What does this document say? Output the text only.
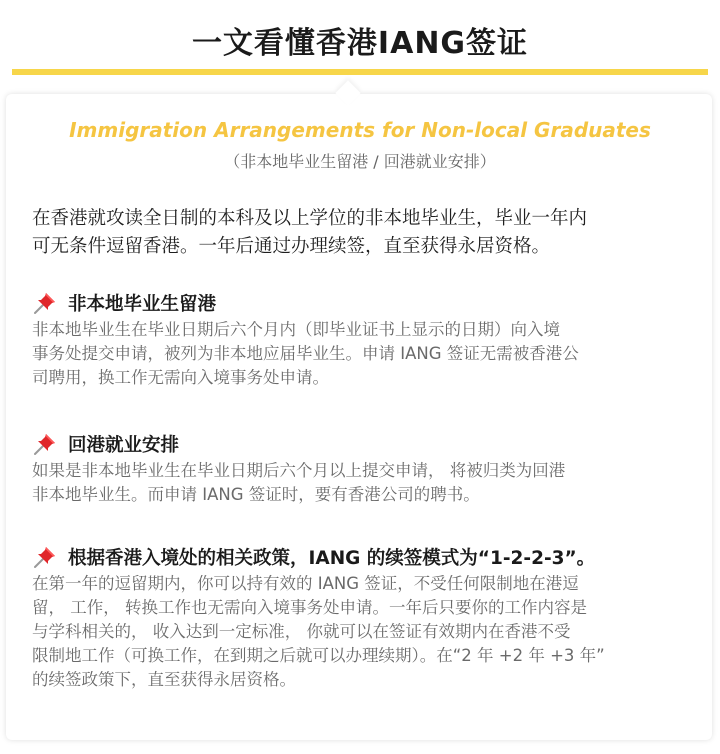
一文看懂香港IANG签证
Immigration Arrangements for Non-local Graduates
（非本地毕业生留港 / 回港就业安排）
在香港就攻读全日制的本科及以上学位的非本地毕业生，毕业一年内
可无条件逗留香港。一年后通过办理续签，直至获得永居资格。
非本地毕业生留港
非本地毕业生在毕业日期后六个月内（即毕业证书上显示的日期）向入境
事务处提交申请，被列为非本地应届毕业生。申请 IANG 签证无需被香港公
司聘用，换工作无需向入境事务处申请。
回港就业安排
如果是非本地毕业生在毕业日期后六个月以上提交申请， 将被归类为回港
非本地毕业生。而申请 IANG 签证时，要有香港公司的聘书。
根据香港入境处的相关政策，IANG 的续签模式为“1-2-2-3”。
在第一年的逗留期内，你可以持有效的 IANG 签证，不受任何限制地在港逗
留， 工作， 转换工作也无需向入境事务处申请。一年后只要你的工作内容是
与学科相关的， 收入达到一定标准， 你就可以在签证有效期内在香港不受
限制地工作（可换工作，在到期之后就可以办理续期）。在“2 年 +2 年 +3 年”
的续签政策下，直至获得永居资格。
